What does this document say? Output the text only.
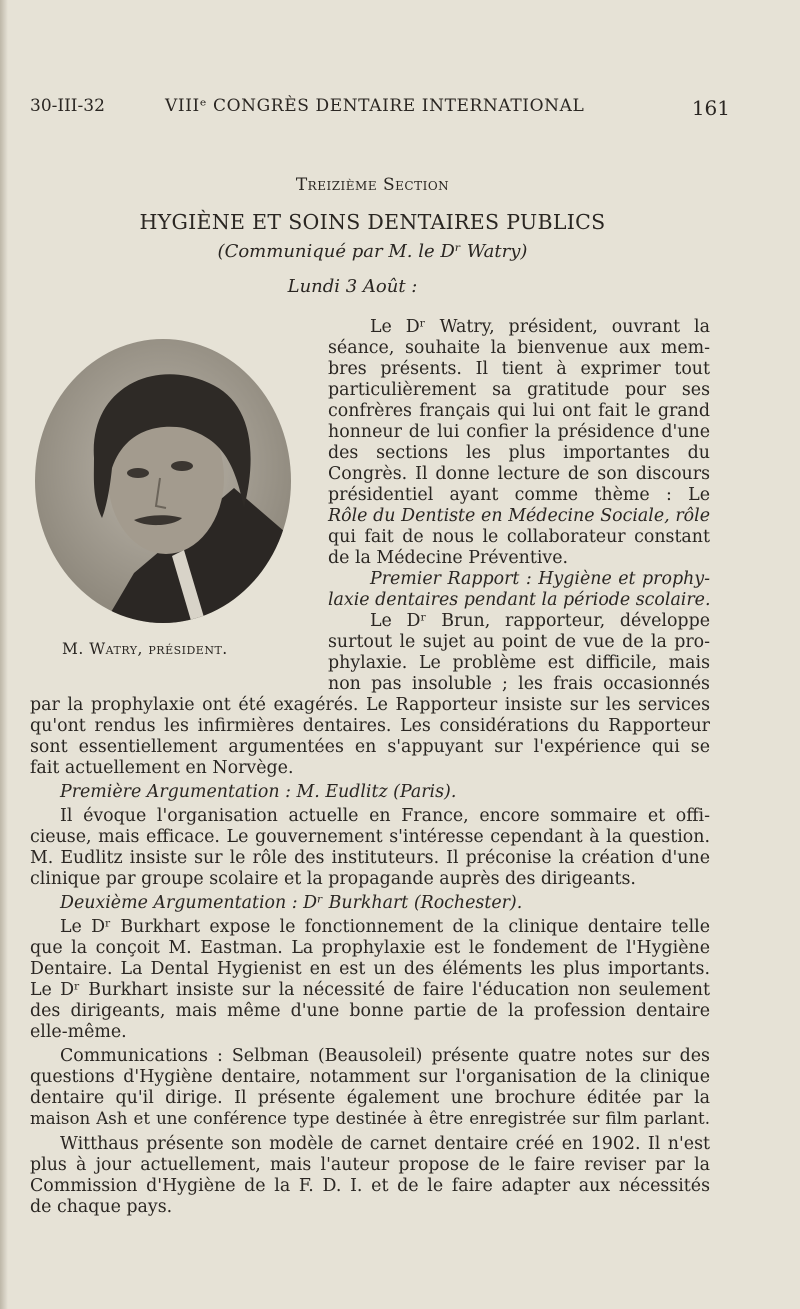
30-III-32	VIIIᵉ CONGRÈS DENTAIRE INTERNATIONAL	161
Treizième Section
HYGIÈNE ET SOINS DENTAIRES PUBLICS
(Communiqué par M. le Dʳ Watry)
Lundi 3 Août :
M. Watry, président.
Le Dʳ Watry, président, ouvrant la
séance, souhaite la bienvenue aux mem-
bres présents. Il tient à exprimer tout
particulièrement sa gratitude pour ses
confrères français qui lui ont fait le grand
honneur de lui confier la présidence d'une
des sections les plus importantes du
Congrès. Il donne lecture de son discours
présidentiel ayant comme thème : Le
Rôle du Dentiste en Médecine Sociale, rôle
qui fait de nous le collaborateur constant
de la Médecine Préventive.
Premier Rapport : Hygiène et prophy-
laxie dentaires pendant la période scolaire.
Le Dʳ Brun, rapporteur, développe
surtout le sujet au point de vue de la pro-
phylaxie. Le problème est difficile, mais
non pas insoluble ; les frais occasionnés
par la prophylaxie ont été exagérés. Le Rapporteur insiste sur les services
qu'ont rendus les infirmières dentaires. Les considérations du Rapporteur
sont essentiellement argumentées en s'appuyant sur l'expérience qui se
fait actuellement en Norvège.
Première Argumentation : M. Eudlitz (Paris).
Il évoque l'organisation actuelle en France, encore sommaire et offi-
cieuse, mais efficace. Le gouvernement s'intéresse cependant à la question.
M. Eudlitz insiste sur le rôle des instituteurs. Il préconise la création d'une
clinique par groupe scolaire et la propagande auprès des dirigeants.
Deuxième Argumentation : Dʳ Burkhart (Rochester).
Le Dʳ Burkhart expose le fonctionnement de la clinique dentaire telle
que la conçoit M. Eastman. La prophylaxie est le fondement de l'Hygiène
Dentaire. La Dental Hygienist en est un des éléments les plus importants.
Le Dʳ Burkhart insiste sur la nécessité de faire l'éducation non seulement
des dirigeants, mais même d'une bonne partie de la profession dentaire
elle-même.
Communications : Selbman (Beausoleil) présente quatre notes sur des
questions d'Hygiène dentaire, notamment sur l'organisation de la clinique
dentaire qu'il dirige. Il présente également une brochure éditée par la
maison Ash et une conférence type destinée à être enregistrée sur film parlant.
Witthaus présente son modèle de carnet dentaire créé en 1902. Il n'est
plus à jour actuellement, mais l'auteur propose de le faire reviser par la
Commission d'Hygiène de la F. D. I. et de le faire adapter aux nécessités
de chaque pays.
